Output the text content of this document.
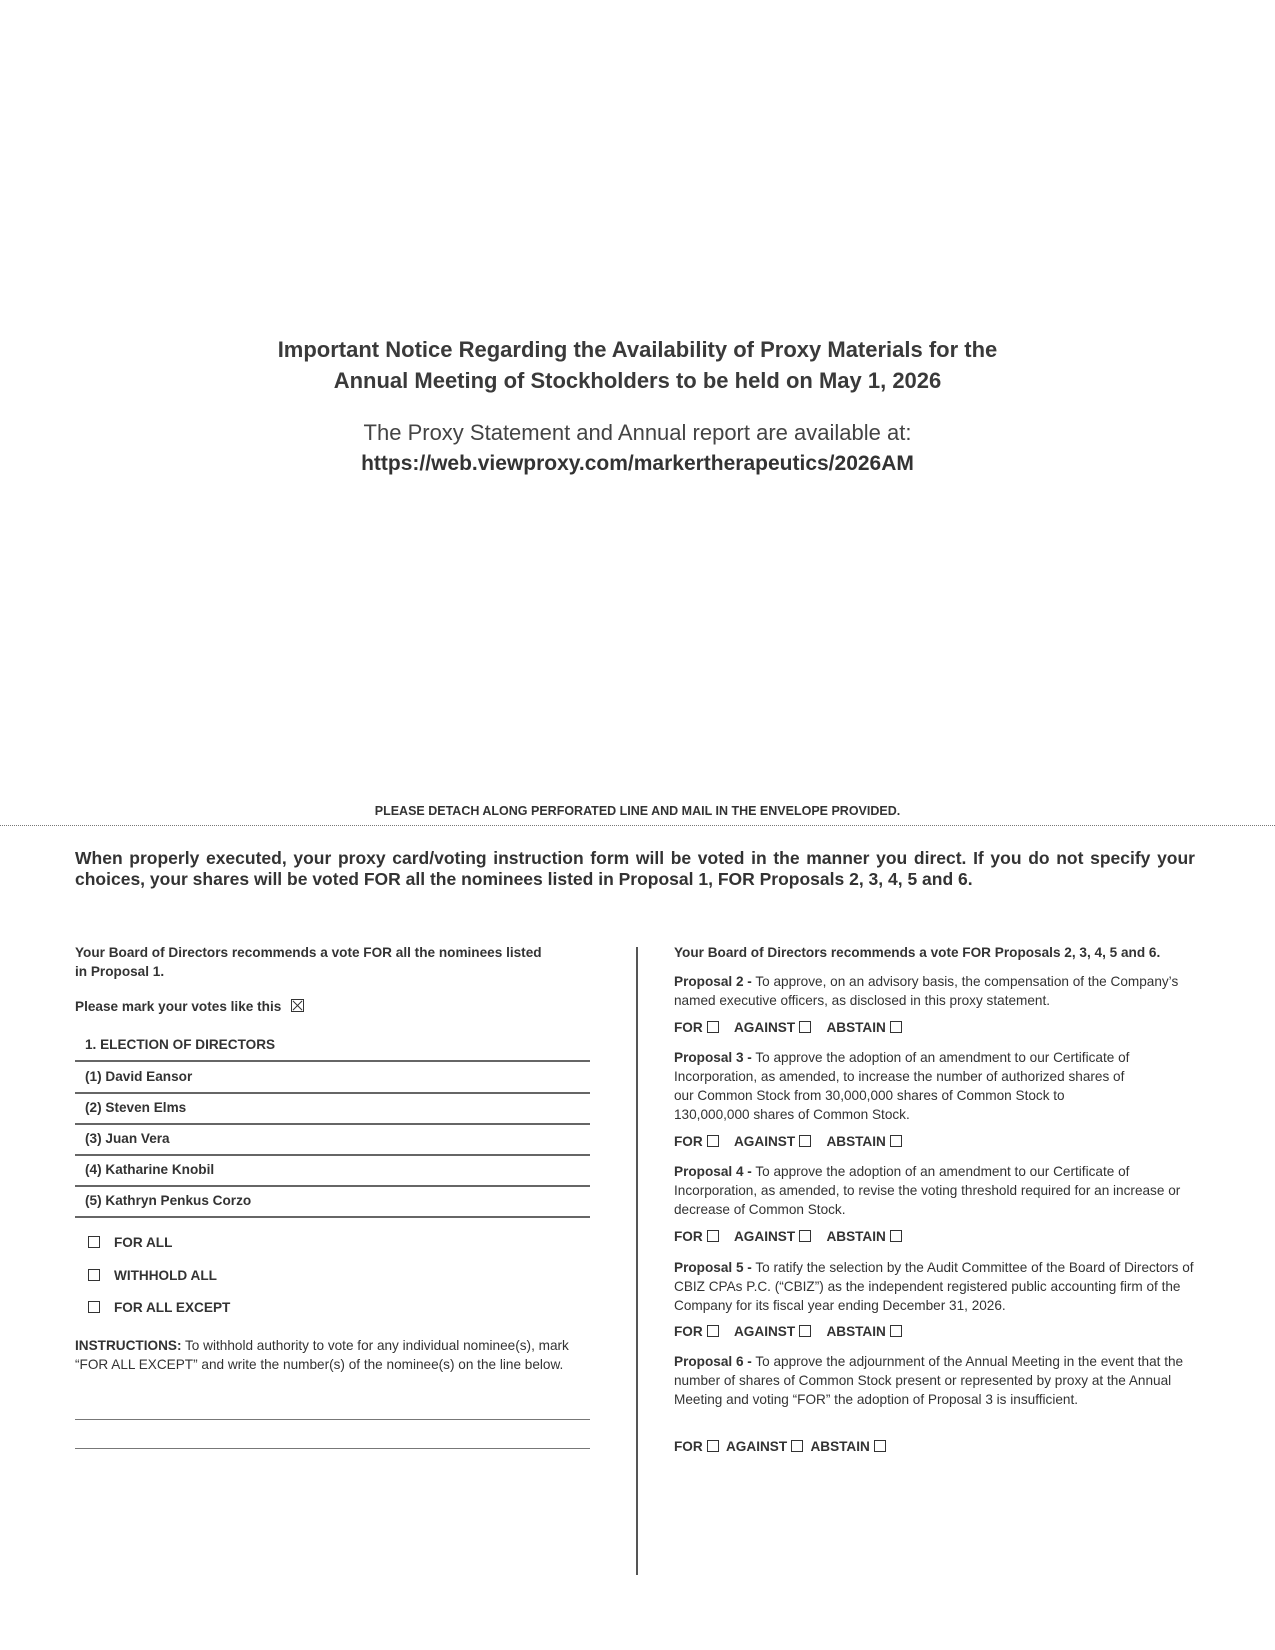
Important Notice Regarding the Availability of Proxy Materials for the
Annual Meeting of Stockholders to be held on May 1, 2026
The Proxy Statement and Annual report are available at:
https://web.viewproxy.com/markertherapeutics/2026AM
PLEASE DETACH ALONG PERFORATED LINE AND MAIL IN THE ENVELOPE PROVIDED.
When properly executed, your proxy card/voting instruction form will be voted in the manner you direct. If you do not specify your choices, your shares will be voted FOR all the nominees listed in Proposal 1, FOR Proposals 2, 3, 4, 5 and 6.
Your Board of Directors recommends a vote FOR all the nominees listed in Proposal 1.
Please mark your votes like this
1. ELECTION OF DIRECTORS
(1) David Eansor
(2) Steven Elms
(3) Juan Vera
(4) Katharine Knobil
(5) Kathryn Penkus Corzo
FOR ALL
WITHHOLD ALL
FOR ALL EXCEPT
INSTRUCTIONS: To withhold authority to vote for any individual nominee(s), mark “FOR ALL EXCEPT” and write the number(s) of the nominee(s) on the line below.
Your Board of Directors recommends a vote FOR Proposals 2, 3, 4, 5 and 6.
Proposal 2 - To approve, on an advisory basis, the compensation of the Company’s named executive officers, as disclosed in this proxy statement.
FOR AGAINST ABSTAIN
Proposal 3 - To approve the adoption of an amendment to our Certificate of Incorporation, as amended, to increase the number of authorized shares of our Common Stock from 30,000,000 shares of Common Stock to 130,000,000 shares of Common Stock.
FOR AGAINST ABSTAIN
Proposal 4 - To approve the adoption of an amendment to our Certificate of Incorporation, as amended, to revise the voting threshold required for an increase or decrease of Common Stock.
FOR AGAINST ABSTAIN
Proposal 5 - To ratify the selection by the Audit Committee of the Board of Directors of CBIZ CPAs P.C. (“CBIZ”) as the independent registered public accounting firm of the Company for its fiscal year ending December 31, 2026.
FOR AGAINST ABSTAIN
Proposal 6 - To approve the adjournment of the Annual Meeting in the event that the number of shares of Common Stock present or represented by proxy at the Annual Meeting and voting “FOR” the adoption of Proposal 3 is insufficient.
FOR AGAINST ABSTAIN
